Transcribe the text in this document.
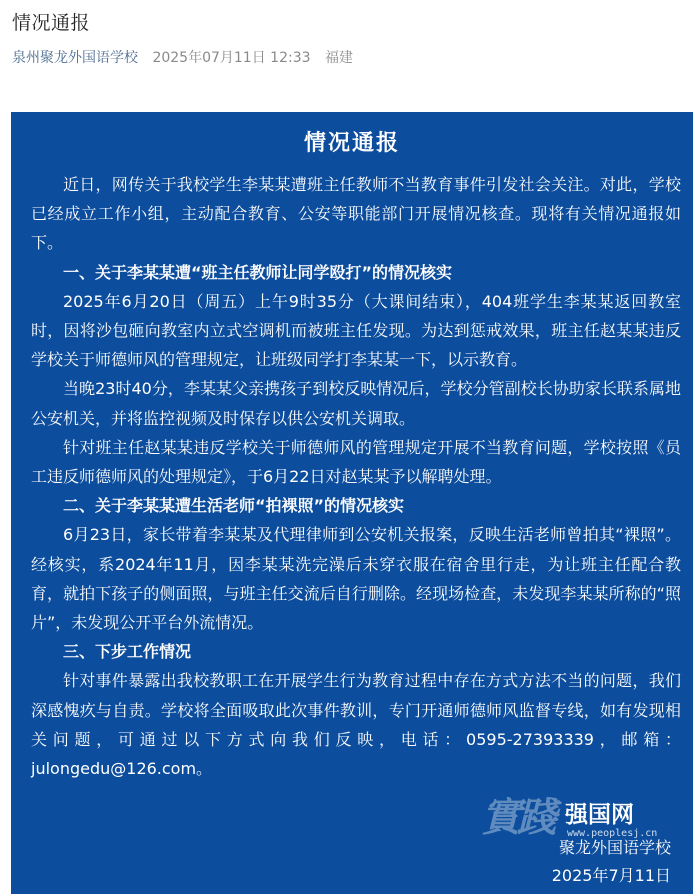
情况通报
泉州聚龙外国语学校 2025年07月11日 12:33 福建
情况通报

近日，网传关于我校学生李某某遭班主任教师不当教育事件引发社会关注。对此，学校已经成立工作小组，主动配合教育、公安等职能部门开展情况核查。现将有关情况通报如下。

一、关于李某某遭“班主任教师让同学殴打”的情况核实

2025年6月20日（周五）上午9时35分（大课间结束），404班学生李某某返回教室时，因将沙包砸向教室内立式空调机而被班主任发现。为达到惩戒效果，班主任赵某某违反学校关于师德师风的管理规定，让班级同学打李某某一下，以示教育。

当晚23时40分，李某某父亲携孩子到校反映情况后，学校分管副校长协助家长联系属地公安机关，并将监控视频及时保存以供公安机关调取。

针对班主任赵某某违反学校关于师德师风的管理规定开展不当教育问题，学校按照《员工违反师德师风的处理规定》，于6月22日对赵某某予以解聘处理。

二、关于李某某遭生活老师“拍裸照”的情况核实

6月23日，家长带着李某某及代理律师到公安机关报案，反映生活老师曾拍其“裸照”。经核实，系2024年11月，因李某某洗完澡后未穿衣服在宿舍里行走，为让班主任配合教育，就拍下孩子的侧面照，与班主任交流后自行删除。经现场检查，未发现李某某所称的“照片”，未发现公开平台外流情况。

三、下步工作情况

针对事件暴露出我校教职工在开展学生行为教育过程中存在方式方法不当的问题，我们深感愧疚与自责。学校将全面吸取此次事件教训，专门开通师德师风监督专线，如有发现相关问题，可通过以下方式向我们反映，电话：0595-27393339，邮箱：julongedu@126.com。

實踐 强国网
www.peoplesj.cn
聚龙外国语学校
2025年7月11日
